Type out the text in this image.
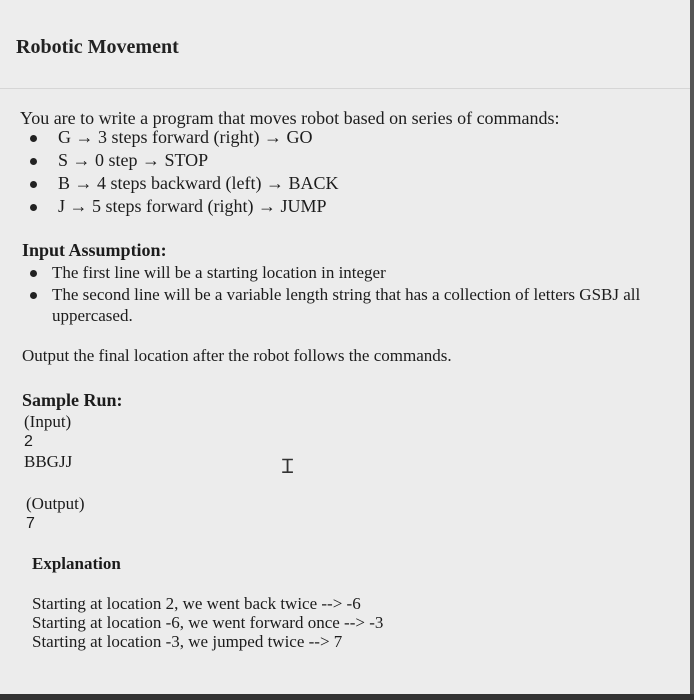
Robotic Movement
You are to write a program that moves robot based on series of commands:
G → 3 steps forward (right) → GO
S → 0 step → STOP
B → 4 steps backward (left) → BACK
J → 5 steps forward (right) → JUMP
Input Assumption:
The first line will be a starting location in integer
The second line will be a variable length string that has a collection of letters GSBJ all uppercased.
Output the final location after the robot follows the commands.
Sample Run:
(Input)
2
BBGJJ	Ɪ
(Output)
7
Explanation
Starting at location 2, we went back twice --> -6
Starting at location -6, we went forward once --> -3
Starting at location -3, we jumped twice --> 7
